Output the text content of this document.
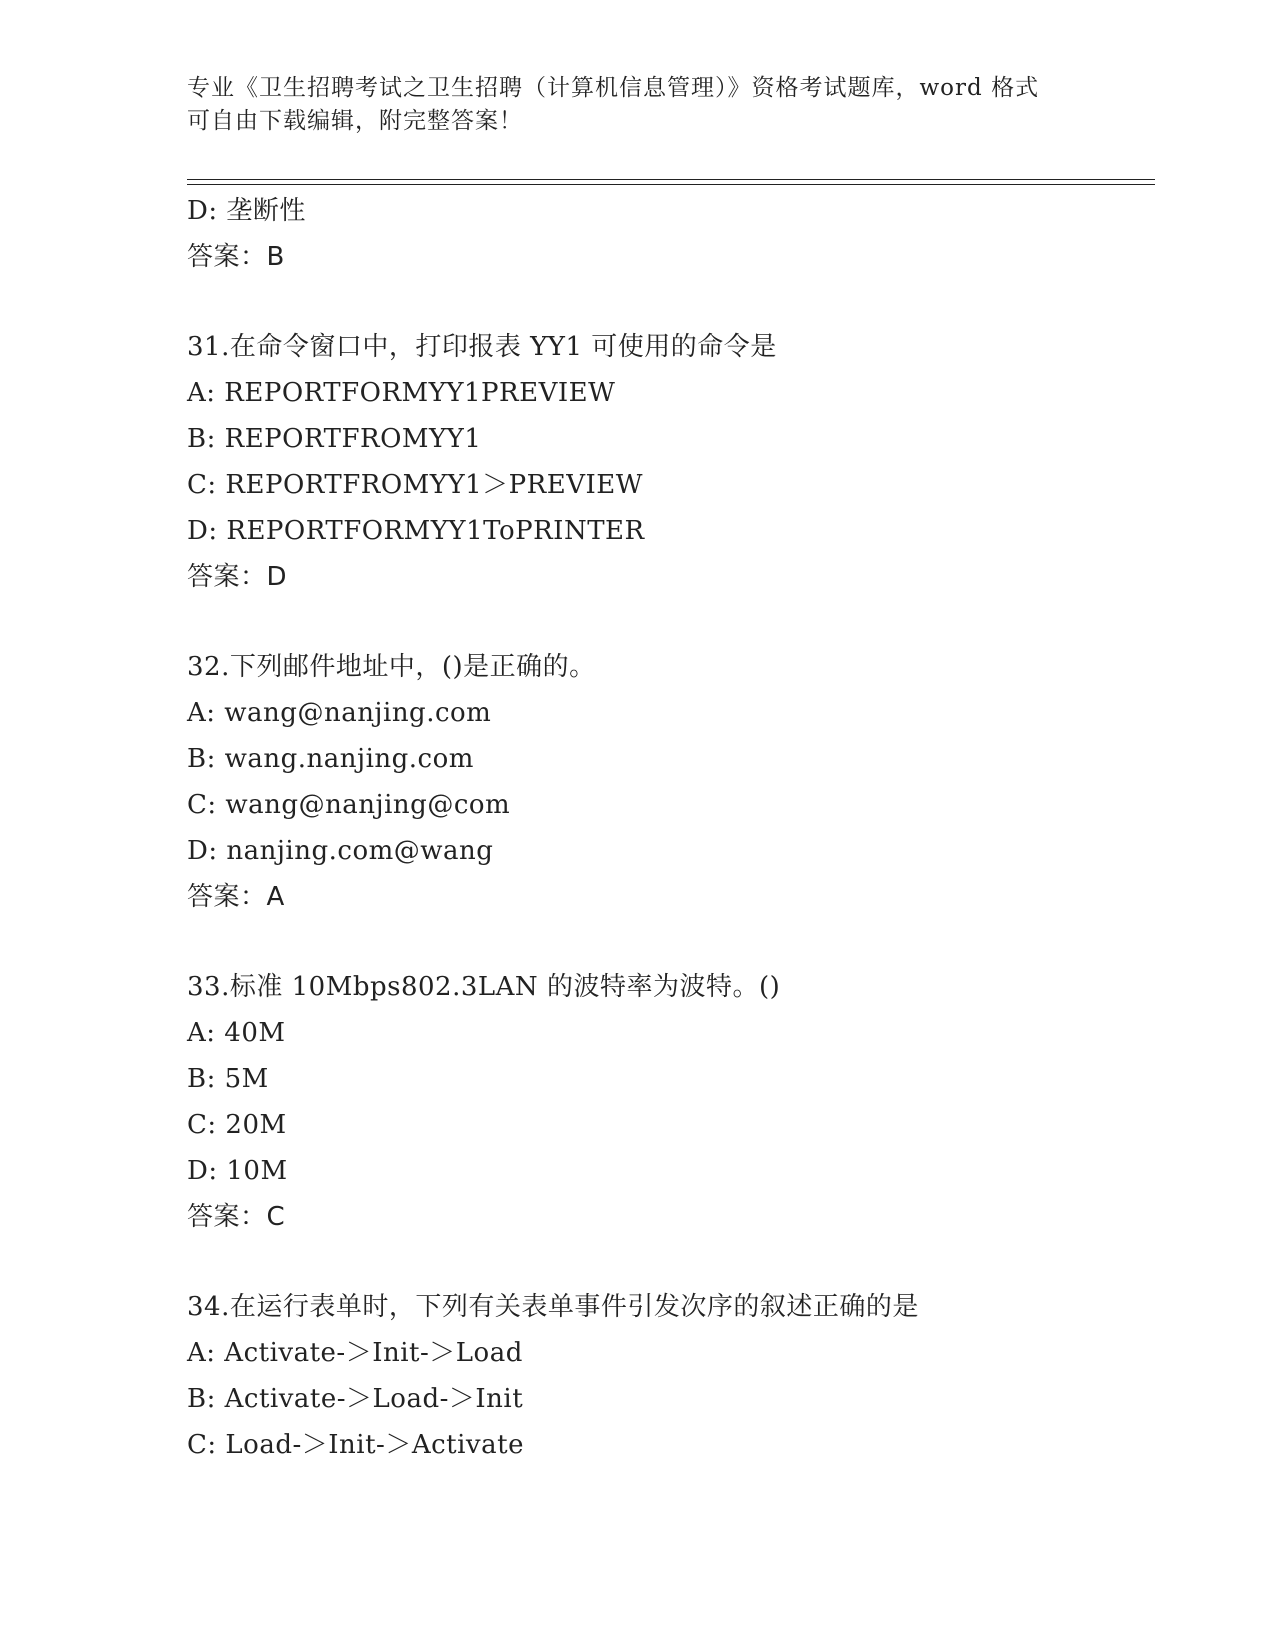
专业《卫生招聘考试之卫生招聘（计算机信息管理）》资格考试题库，word 格式
可自由下载编辑，附完整答案！
D: 垄断性
答案：B
31.在命令窗口中，打印报表 YY1 可使用的命令是
A: REPORTFORMYY1PREVIEW
B: REPORTFROMYY1
C: REPORTFROMYY1＞PREVIEW
D: REPORTFORMYY1ToPRINTER
答案：D
32.下列邮件地址中，()是正确的。
A: wang@nanjing.com
B: wang.nanjing.com
C: wang@nanjing@com
D: nanjing.com@wang
答案：A
33.标准 10Mbps802.3LAN 的波特率为波特。()
A: 40M
B: 5M
C: 20M
D: 10M
答案：C
34.在运行表单时，下列有关表单事件引发次序的叙述正确的是
A: Activate-＞Init-＞Load
B: Activate-＞Load-＞Init
C: Load-＞Init-＞Activate
